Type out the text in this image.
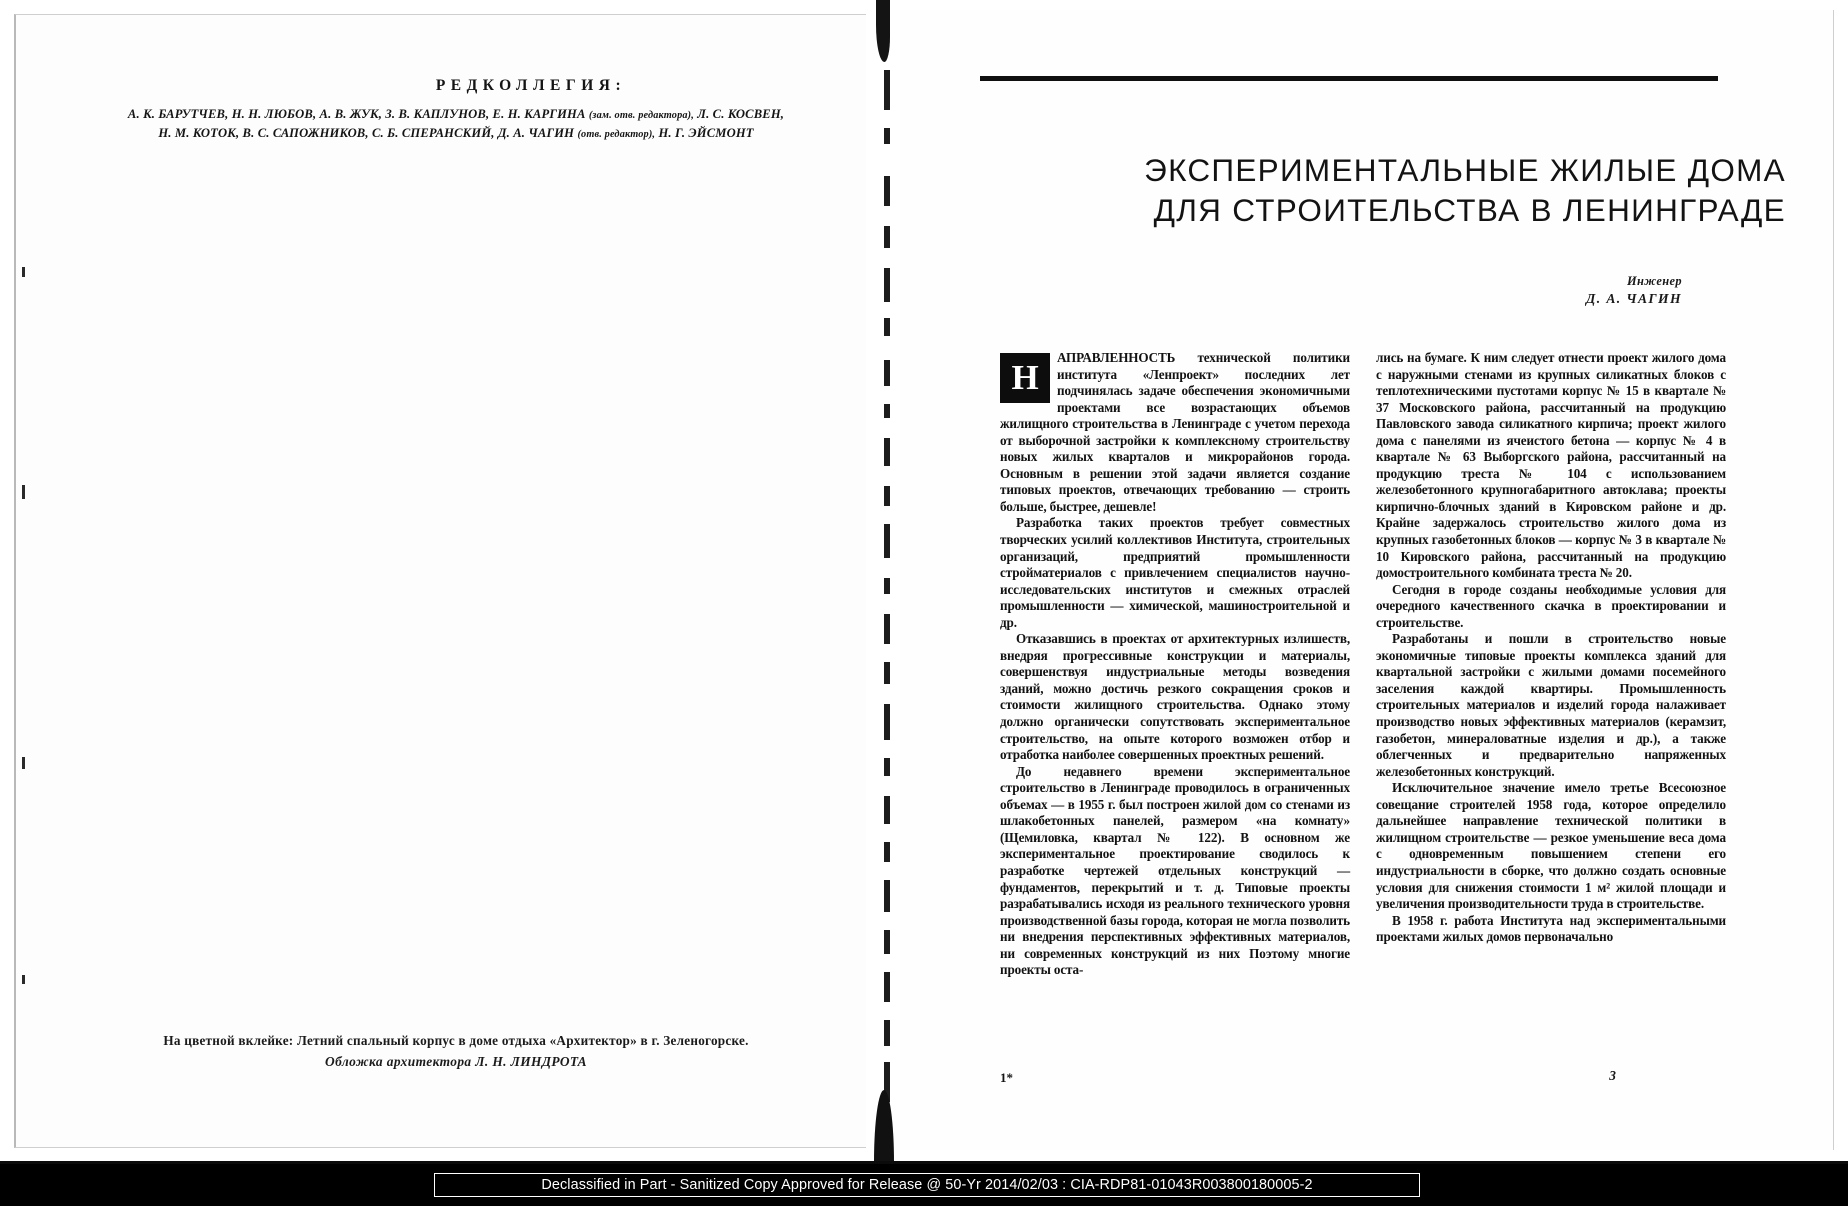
РЕДКОЛЛЕГИЯ:
А. К. БАРУТЧЕВ, Н. Н. ЛЮБОВ, А. В. ЖУК, З. В. КАПЛУНОВ, Е. Н. КАРГИНА (зам. отв. редактора), Л. С. КОСВЕН,
Н. М. КОТОК, В. С. САПОЖНИКОВ, С. Б. СПЕРАНСКИЙ, Д. А. ЧАГИН (отв. редактор), Н. Г. ЭЙСМОНТ
На цветной вклейке: Летний спальный корпус в доме отдыха «Архитектор» в г. Зеленогорске.
Обложка архитектора Л. Н. ЛИНДРОТА
ЭКСПЕРИМЕНТАЛЬНЫЕ ЖИЛЫЕ ДОМА
ДЛЯ СТРОИТЕЛЬСТВА В ЛЕНИНГРАДЕ
Инженер
Д. А. ЧАГИН

Н
АПРАВЛЕННОСТЬ технической политики института «Ленпроект» последних лет подчинялась задаче обеспечения экономичными проектами все возрастающих объемов жилищного строительства в Ленинграде с учетом перехода от выборочной застройки к комплексному строительству новых жилых кварталов и микрорайонов города. Основным в решении этой задачи является создание типовых проектов, отвечающих требованию — строить больше, быстрее, дешевле!

Разработка таких проектов требует совместных творческих усилий коллективов Института, строительных организаций, предприятий промышленности стройматериалов с привлечением специалистов научно-исследовательских институтов и смежных отраслей промышленности — химической, машиностроительной и др.

Отказавшись в проектах от архитектурных излишеств, внедряя прогрессивные конструкции и материалы, совершенствуя индустриальные методы возведения зданий, можно достичь резкого сокращения сроков и стоимости жилищного строительства. Однако этому должно органически сопутствовать экспериментальное строительство, на опыте которого возможен отбор и отработка наиболее совершенных проектных решений.

До недавнего времени экспериментальное строительство в Ленинграде проводилось в ограниченных объемах — в 1955 г. был построен жилой дом со стенами из шлакобетонных панелей, размером «на комнату» (Щемиловка, квартал № 122). В основном же экспериментальное проектирование сводилось к разработке чертежей отдельных конструкций — фундаментов, перекрытий и т. д. Типовые проекты разрабатывались исходя из реального технического уровня производственной базы города, которая не могла позволить ни внедрения перспективных эффективных материалов, ни современных конструкций из них Поэтому многие проекты оста-

лись на бумаге. К ним следует отнести проект жилого дома с наружными стенами из крупных силикатных блоков с теплотехническими пустотами корпус № 15 в квартале № 37 Московского района, рассчитанный на продукцию Павловского завода силикатного кирпича; проект жилого дома с панелями из ячеистого бетона — корпус № 4 в квартале № 63 Выборгского района, рассчитанный на продукцию треста № 104 с использованием железобетонного крупногабаритного автоклава; проекты кирпично-блочных зданий в Кировском районе и др. Крайне задержалось строительство жилого дома из крупных газобетонных блоков — корпус № 3 в квартале № 10 Кировского района, рассчитанный на продукцию домостроительного комбината треста № 20.

Сегодня в городе созданы необходимые условия для очередного качественного скачка в проектировании и строительстве.

Разработаны и пошли в строительство новые экономичные типовые проекты комплекса зданий для квартальной застройки с жилыми домами посемейного заселения каждой квартиры. Промышленность строительных материалов и изделий города налаживает производство новых эффективных материалов (керамзит, газобетон, минераловатные изделия и др.), а также облегченных и предварительно напряженных железобетонных конструкций.

Исключительное значение имело третье Всесоюзное совещание строителей 1958 года, которое определило дальнейшее направление технической политики в жилищном строительстве — резкое уменьшение веса дома с одновременным повышением степени его индустриальности в сборке, что должно создать основные условия для снижения стоимости 1 м² жилой площади и увеличения производительности труда в строительстве.

В 1958 г. работа Института над экспериментальными проектами жилых домов первоначально

1*	3
Declassified in Part - Sanitized Copy Approved for Release @ 50-Yr 2014/02/03 : CIA-RDP81-01043R003800180005-2
